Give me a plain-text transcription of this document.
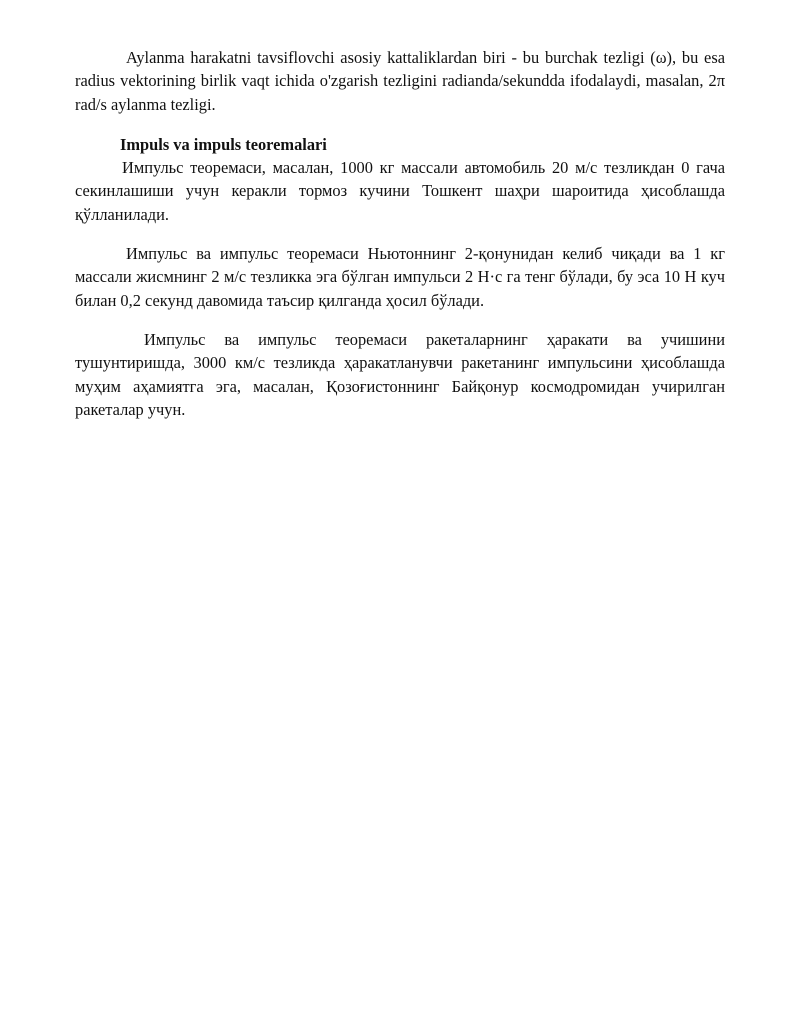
Aylanma harakatni tavsiflovchi asosiy kattaliklardan biri - bu burchak tezligi (ω), bu esa radius vektorining birlik vaqt ichida o'zgarish tezligini radianda/sekundda ifodalaydi, masalan, 2π rad/s aylanma tezligi.

Impuls va impuls teoremalari

Импульс теоремаси, масалан, 1000 кг массали автомобиль 20 м/с тезликдан 0 гача секинлашиши учун керакли тормоз кучини Тошкент шаҳри шароитида ҳисоблашда қўлланилади.

Импульс ва импульс теоремаси Ньютоннинг 2-қонунидан келиб чиқади ва 1 кг массали жисмнинг 2 м/с тезликка эга бўлган импульси 2 Н·с га тенг бўлади, бу эса 10 Н куч билан 0,2 секунд давомида таъсир қилганда ҳосил бўлади.

Импульс ва импульс теоремаси ракеталарнинг ҳаракати ва учишини тушунтиришда, 3000 км/с тезликда ҳаракатланувчи ракетанинг импульсини ҳисоблашда муҳим аҳамиятга эга, масалан, Қозоғистоннинг Байқонур космодромидан учирилган ракеталар учун.
